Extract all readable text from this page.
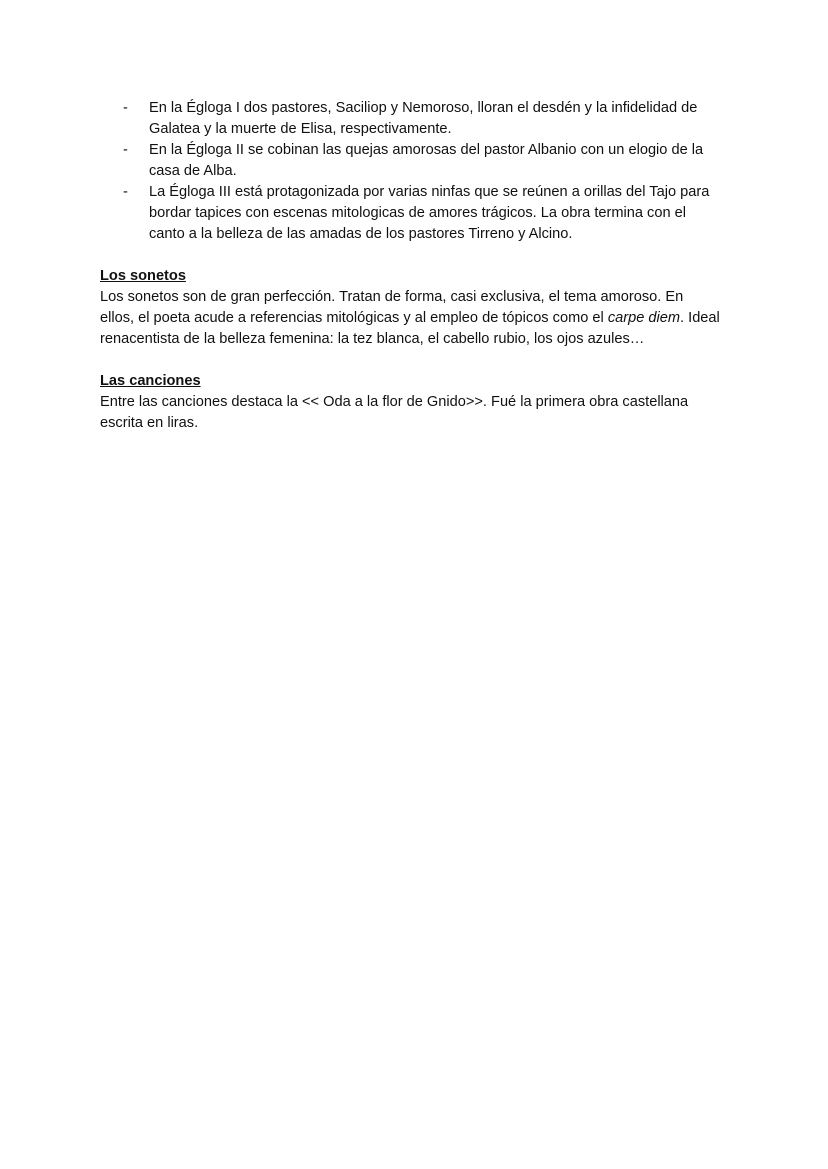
- En la Égloga I dos pastores, Saciliop y Nemoroso, lloran el desdén y la infidelidad de Galatea y la muerte de Elisa, respectivamente.
- En la Égloga II se cobinan las quejas amorosas del pastor Albanio con un elogio de la casa de Alba.
- La Égloga III está protagonizada por varias ninfas que se reúnen a orillas del Tajo para bordar tapices con escenas mitologicas de amores trágicos. La obra termina con el canto a la belleza de las amadas de los pastores Tirreno y Alcino.
Los sonetos

Los sonetos son de gran perfección. Tratan de forma, casi exclusiva, el tema amoroso. En ellos, el poeta acude a referencias mitológicas y al empleo de tópicos como el carpe diem. Ideal renacentista de la belleza femenina: la tez blanca, el cabello rubio, los ojos azules…

Las canciones

Entre las canciones destaca la << Oda a la flor de Gnido>>. Fué la primera obra castellana escrita en liras.
